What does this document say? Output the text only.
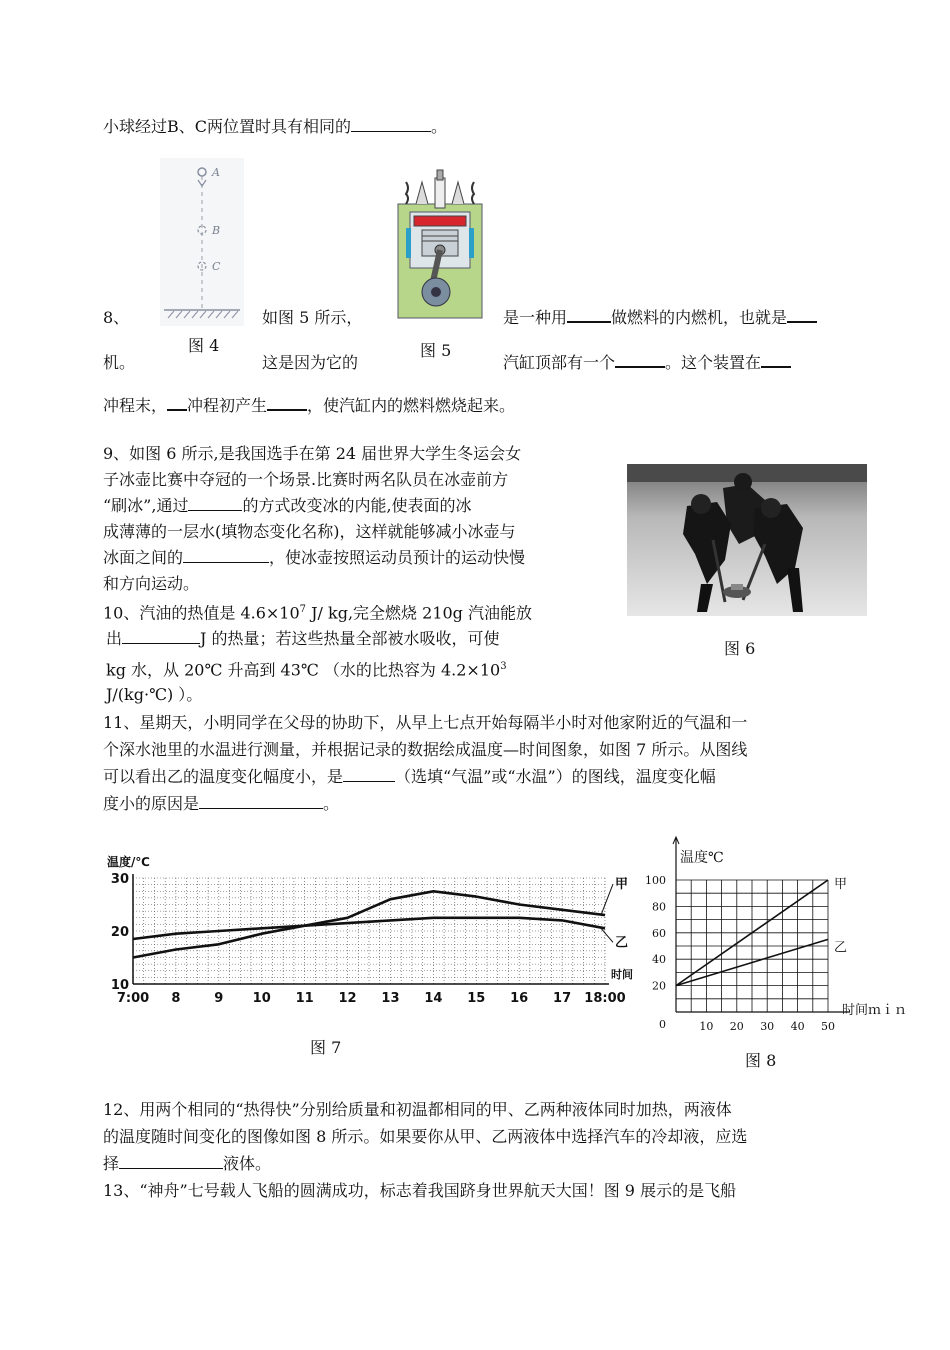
小球经过B、C两位置时具有相同的	。
A
B
C
图 4	图 5
8、	如图 5 所示，	是一种用	做燃料的内燃机，也就是
机。	这是因为它的	汽缸顶部有一个	。这个装置在
冲程末， 冲程初产生	，使汽缸内的燃料燃烧起来。
9、如图 6 所示,是我国选手在第 24 届世界大学生冬运会女
子冰壶比赛中夺冠的一个场景.比赛时两名队员在冰壶前方
“刷冰”,通过	的方式改变冰的内能,使表面的冰
成薄薄的一层水(填物态变化名称)，这样就能够减小冰壶与
冰面之间的	，使冰壶按照运动员预计的运动快慢
和方向运动。
图 6
10、汽油的热值是 $4.6\times 10^7$ J/ kg,完全燃烧 210g 汽油能放
出	J 的热量；若这些热量全部被水吸收，可使
kg 水，从 20℃ 升高到 43℃ （水的比热容为 $4.2\times 10^3$
J/(kg·℃) ）。
11、星期天，小明同学在父母的协助下，从早上七点开始每隔半小时对他家附近的气温和一
个深水池里的水温进行测量，并根据记录的数据绘成温度—时间图象，如图 7 所示。从图线
可以看出乙的温度变化幅度小，是	（选填“气温”或“水温”）的图线，温度变化幅
度小的原因是	。
温度/℃
10
20
30
7:00 8	9 10 11 12 13 14 15 16 17 18:00
时间
甲
乙
图 7
温度℃
0
20
40
60
80
100
10 20 30 40 50
时间ｍｉｎ
甲
乙
图 8
12、用两个相同的“热得快”分别给质量和初温都相同的甲、乙两种液体同时加热，两液体
的温度随时间变化的图像如图 8 所示。如果要你从甲、乙两液体中选择汽车的冷却液，应选
择	液体。
13、“神舟”七号载人飞船的圆满成功，标志着我国跻身世界航天大国！图 9 展示的是飞船
